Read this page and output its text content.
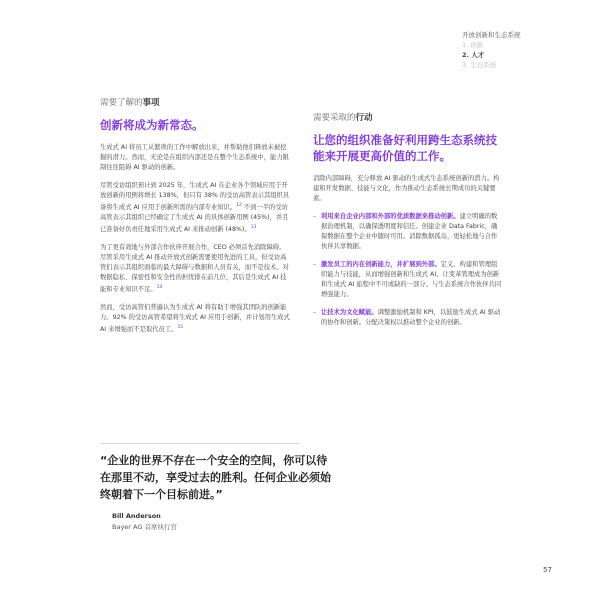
开放创新和生态系统
1. 创新
2. 人才
3. 生态系统
需要了解的事项
创新将成为新常态。

生成式 AI 将员工从繁琐的工作中解放出来，并帮助他们释放未被挖掘的潜力。然而，无论是在组织内部还是在整个生态系统中，能力限制往往阻碍 AI 驱动的创新。

尽管受访组织预计到 2025 年，生成式 AI 在企业各个领域应用于开放创新的用例将增长 138%，但只有 38% 的受访高管表示其组织具备将生成式 AI 应用于创新所需的内部专业知识。$^{12}$ 不到一半的受访高管表示其组织已经确定了生成式 AI 的具体创新用例 (45%)，并且已准备好负责任地采用生成式 AI 来推动创新 (48%)。$^{13}$

为了更有效地与外部合作伙伴开展合作，CEO 必须首先消除障碍。尽管采用生成式 AI 推动开放式创新需要使用先进的工具，但受访高管们表示其组织面临的最大障碍与数据和人员有关，而不是技术。对数据隐私、保密性和安全性的担忧排在前几位，其后是生成式 AI 技能和专业知识不足。$^{14}$

然而，受访高管们普遍认为生成式 AI 将有助于增强其团队的创新能力。92% 的受访高管希望将生成式 AI 应用于创新，并计划用生成式 AI 来增强而不是取代员工。$^{15}$

需要采取的行动
让您的组织准备好利用跨生态系统技能来开展更高价值的工作。

消除内部障碍，充分释放 AI 驱动的生成式生态系统创新的潜力。构建和开发数据、技能与文化，作为推动生态系统长期成功的关键要素。

– 利用来自企业内部和外部的优质数据来推动创新。建立明确的数据治理机制，以确保透明度和信任。创建企业 Data Fabric，确保数据在整个企业中随时可用。消除数据孤岛，更轻松地与合作伙伴共享数据。
– 激发员工的内在创新能力，并扩展到外部。定义、构建和管理组织能力与技能，从而增强创新和生成式 AI。让变革管理成为创新和生成式 AI 旅程中不可或缺的一部分。与生态系统合作伙伴共同增强能力。
– 让技术为文化赋能。调整激励机制和 KPI，以鼓励生成式 AI 驱动的协作和创新。分配决策权以推动整个企业的创新。
“企业的世界不存在一个安全的空间，你可以待在那里不动，享受过去的胜利。任何企业必须始终朝着下一个目标前进。”
Bill Anderson
Bayer AG 首席执行官
57
